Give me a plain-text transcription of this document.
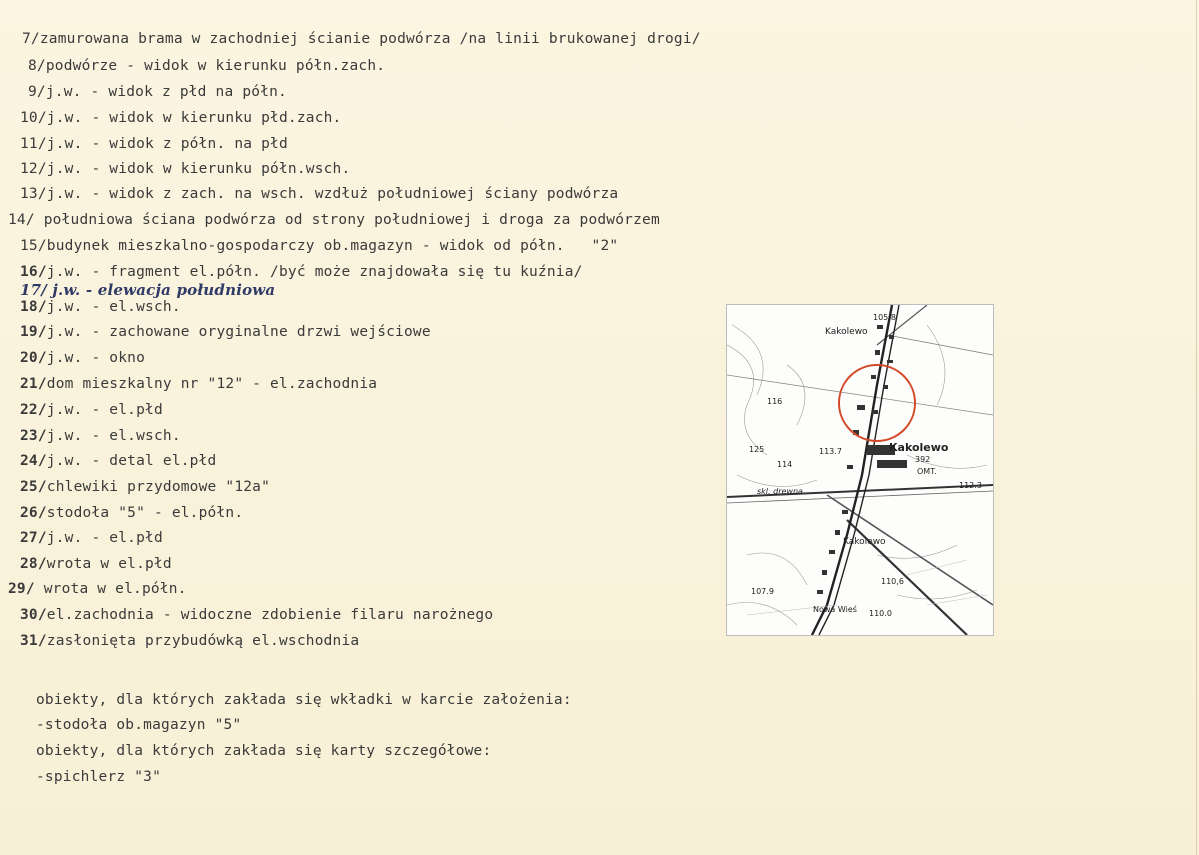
7/zamurowana brama w zachodniej ścianie podwórza /na linii brukowanej drogi/
8/podwórze - widok w kierunku półn.zach.
9/j.w. - widok z płd na półn.
10/j.w. - widok w kierunku płd.zach.
11/j.w. - widok z półn. na płd
12/j.w. - widok w kierunku półn.wsch.
13/j.w. - widok z zach. na wsch. wzdłuż południowej ściany podwórza
14/ południowa ściana podwórza od strony południowej i droga za podwórzem
15/budynek mieszkalno-gospodarczy ob.magazyn - widok od półn.   "2"
16/j.w. - fragment el.półn. /być może znajdowała się tu kuźnia/
17/ j.w. - elewacja południowa
18/j.w. - el.wsch.
19/j.w. - zachowane oryginalne drzwi wejściowe
20/j.w. - okno
21/dom mieszkalny nr "12" - el.zachodnia
22/j.w. - el.płd
23/j.w. - el.wsch.
24/j.w. - detal el.płd
25/chlewiki przydomowe "12a"
26/stodoła "5" - el.półn.
27/j.w. - el.płd
28/wrota w el.płd
29/ wrota w el.półn.
30/el.zachodnia - widoczne zdobienie filaru narożnego
31/zasłonięta przybudówką el.wschodnia
obiekty, dla których zakłada się wkładki w karcie założenia:
-stodoła ob.magazyn "5"
obiekty, dla których zakłada się karty szczegółowe:
-spichlerz "3"
105.8
Kakolewo
116
Kakolewo
125	113.7
392
114
OMT.
112.3
skl. drewna
Kakolewo
110,6
107.9
Nowa Wieś 110.0
